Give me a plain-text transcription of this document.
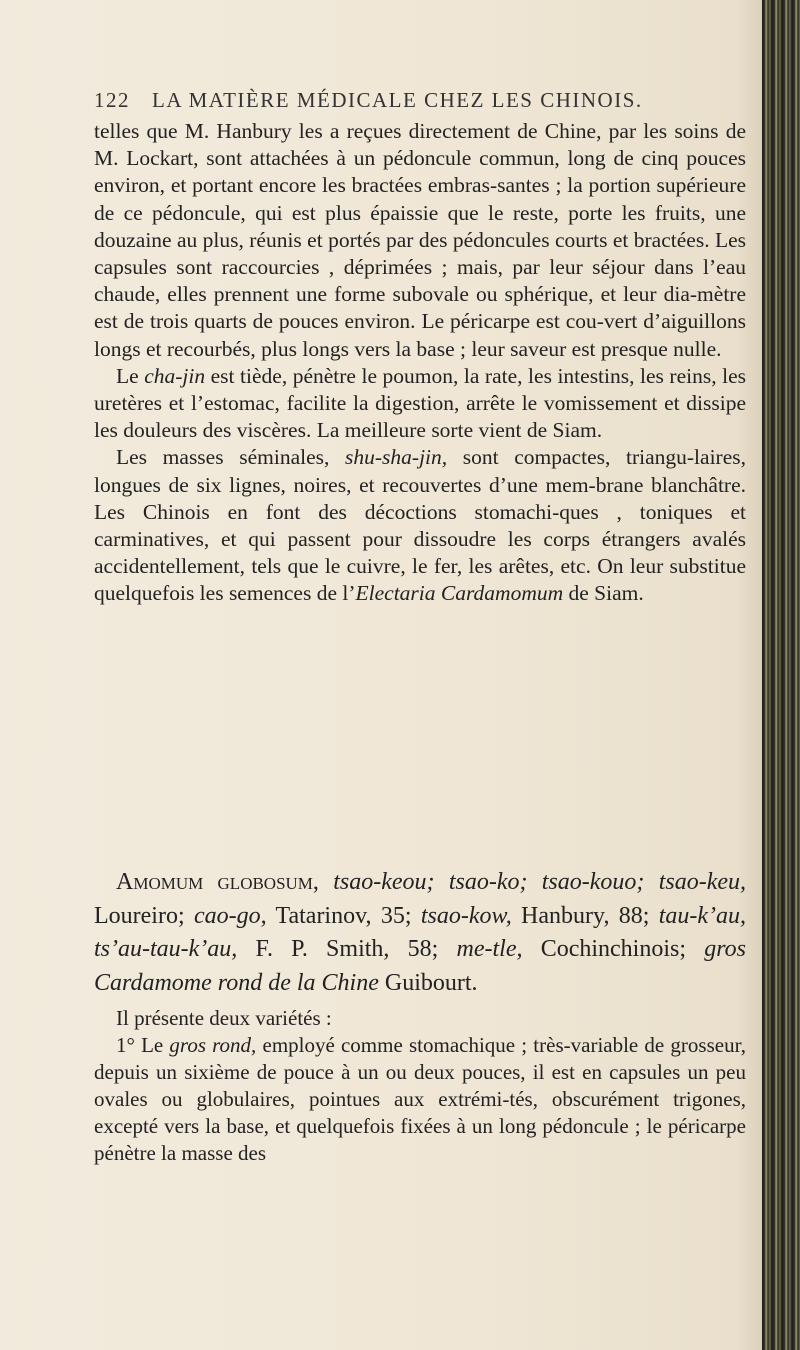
122 LA MATIÈRE MÉDICALE CHEZ LES CHINOIS.

telles que M. Hanbury les a reçues directement de Chine, par les soins de M. Lockart, sont attachées à un pédoncule commun, long de cinq pouces environ, et portant encore les bractées embras-santes ; la portion supérieure de ce pédoncule, qui est plus épaissie que le reste, porte les fruits, une douzaine au plus, réunis et portés par des pédoncules courts et bractées. Les capsules sont raccourcies , déprimées ; mais, par leur séjour dans l’eau chaude, elles prennent une forme subovale ou sphérique, et leur dia-mètre est de trois quarts de pouces environ. Le péricarpe est cou-vert d’aiguillons longs et recourbés, plus longs vers la base ; leur saveur est presque nulle.

Le cha-jin est tiède, pénètre le poumon, la rate, les intestins, les reins, les uretères et l’estomac, facilite la digestion, arrête le vomissement et dissipe les douleurs des viscères. La meilleure sorte vient de Siam.

Les masses séminales, shu-sha-jin, sont compactes, triangu-laires, longues de six lignes, noires, et recouvertes d’une mem-brane blanchâtre. Les Chinois en font des décoctions stomachi-ques , toniques et carminatives, et qui passent pour dissoudre les corps étrangers avalés accidentellement, tels que le cuivre, le fer, les arêtes, etc. On leur substitue quelquefois les semences de l’Electaria Cardamomum de Siam.

Amomum globosum, tsao-keou; tsao-ko; tsao-kouo; tsao-keu, Loureiro; cao-go, Tatarinov, 35; tsao-kow, Hanbury, 88; tau-k’au, ts’au-tau-k’au, F. P. Smith, 58; me-tle, Cochinchinois; gros Cardamome rond de la Chine Guibourt.

Il présente deux variétés :

1° Le gros rond, employé comme stomachique ; très-variable de grosseur, depuis un sixième de pouce à un ou deux pouces, il est en capsules un peu ovales ou globulaires, pointues aux extrémi-tés, obscurément trigones, excepté vers la base, et quelquefois fixées à un long pédoncule ; le péricarpe pénètre la masse des
